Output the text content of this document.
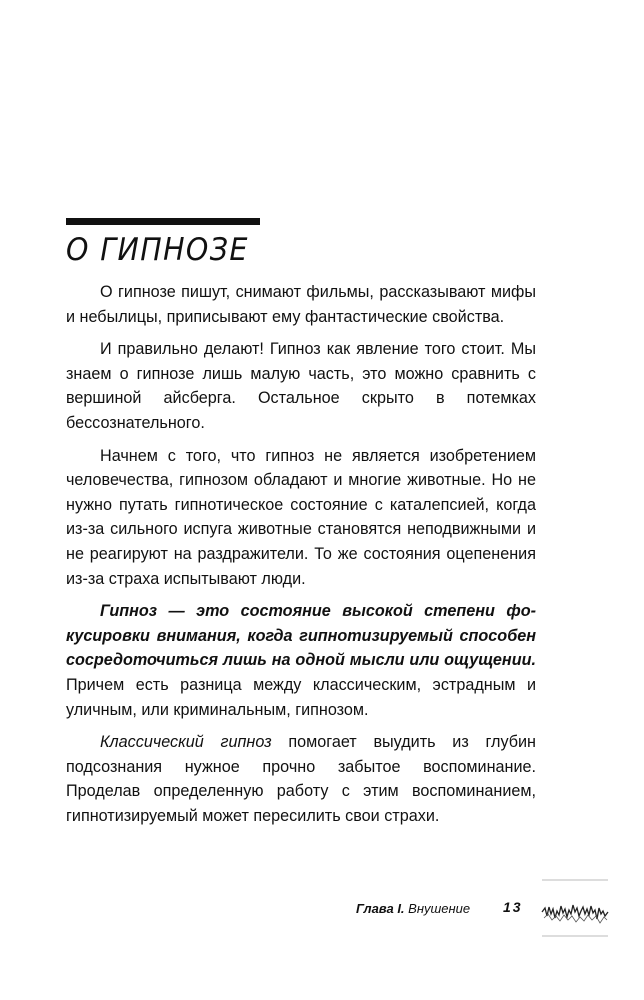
О ГИПНОЗЕ

О гипнозе пишут, снимают фильмы, рассказывают мифы и небылицы, приписывают ему фантастические свойства.

И правильно делают! Гипноз как явление того стоит. Мы знаем о гипнозе лишь малую часть, это можно сравнить с вершиной айсберга. Остальное скрыто в потемках бессознательного.

Начнем с того, что гипноз не является изобретением человечества, гипнозом обладают и многие животные. Но не нужно путать гипнотическое состояние с каталепсией, когда из-за сильного испуга животные становятся неподвижными и не реагируют на раздражители. То же состояния оцепенения из-за страха испытывают люди.

Гипноз — это состояние высокой степени фокусировки внимания, когда гипнотизируемый способен сосредоточиться лишь на одной мысли или ощущении. Причем есть разница между классическим, эстрадным и уличным, или криминальным, гипнозом.

Классический гипноз помогает выудить из глубин подсознания нужное прочно забытое воспоминание. Проделав определенную работу с этим воспоминанием, гипнотизируемый может пересилить свои страхи.

Глава I. Внушение 13
